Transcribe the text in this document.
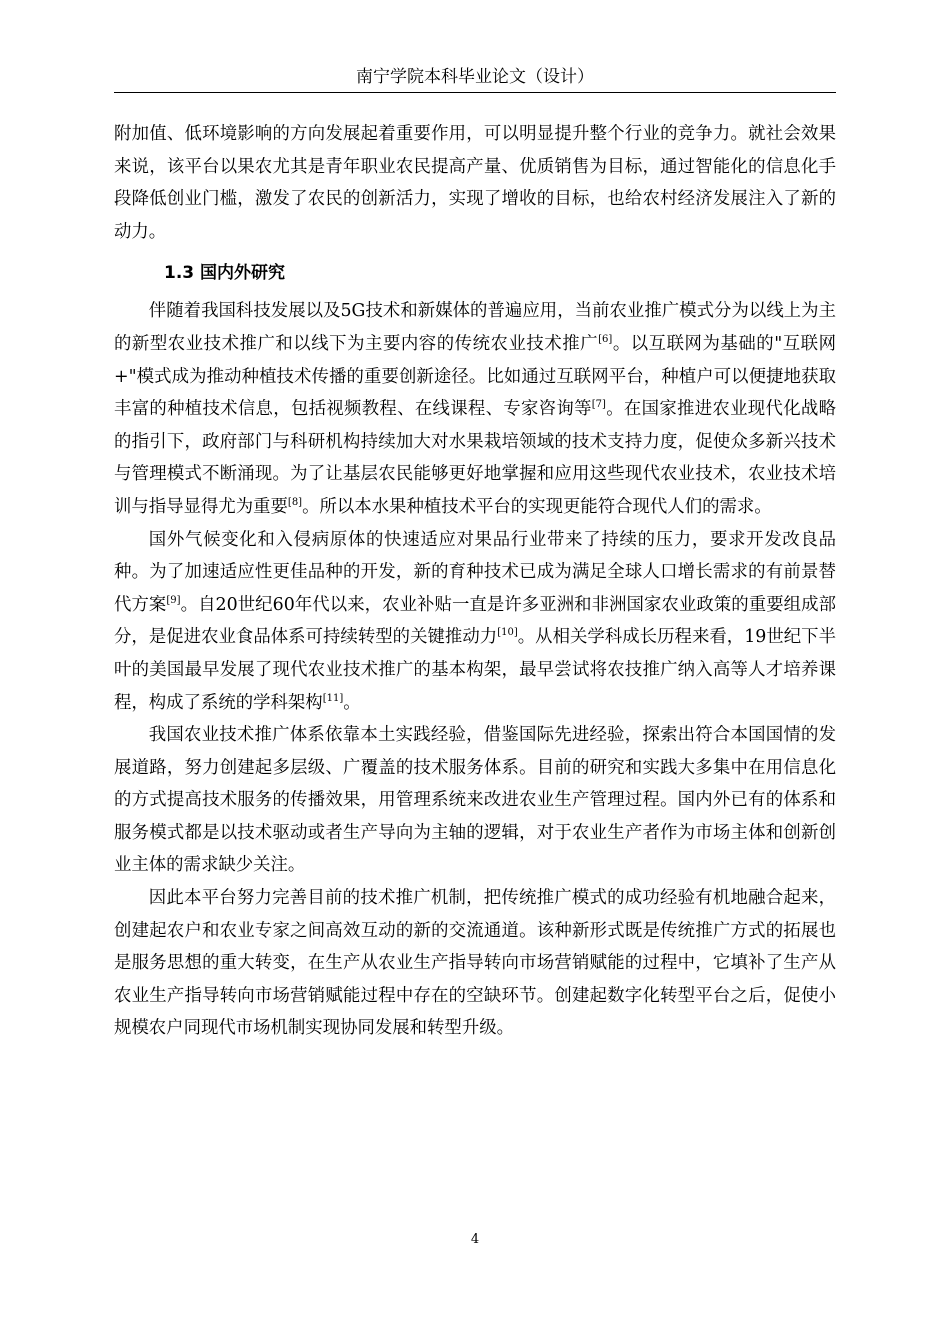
南宁学院本科毕业论文（设计）

附加值、低环境影响的方向发展起着重要作用，可以明显提升整个行业的竞争力。就社会效果来说，该平台以果农尤其是青年职业农民提高产量、优质销售为目标，通过智能化的信息化手段降低创业门槛，激发了农民的创新活力，实现了增收的目标，也给农村经济发展注入了新的动力。

1.3 国内外研究

伴随着我国科技发展以及5G技术和新媒体的普遍应用，当前农业推广模式分为以线上为主的新型农业技术推广和以线下为主要内容的传统农业技术推广[6]。以互联网为基础的"互联网+"模式成为推动种植技术传播的重要创新途径。比如通过互联网平台，种植户可以便捷地获取丰富的种植技术信息，包括视频教程、在线课程、专家咨询等[7]。在国家推进农业现代化战略的指引下，政府部门与科研机构持续加大对水果栽培领域的技术支持力度，促使众多新兴技术与管理模式不断涌现。为了让基层农民能够更好地掌握和应用这些现代农业技术，农业技术培训与指导显得尤为重要[8]。所以本水果种植技术平台的实现更能符合现代人们的需求。

国外气候变化和入侵病原体的快速适应对果品行业带来了持续的压力，要求开发改良品种。为了加速适应性更佳品种的开发，新的育种技术已成为满足全球人口增长需求的有前景替代方案[9]。自20世纪60年代以来，农业补贴一直是许多亚洲和非洲国家农业政策的重要组成部分，是促进农业食品体系可持续转型的关键推动力[10]。从相关学科成长历程来看，19世纪下半叶的美国最早发展了现代农业技术推广的基本构架，最早尝试将农技推广纳入高等人才培养课程，构成了系统的学科架构[11]。

我国农业技术推广体系依靠本土实践经验，借鉴国际先进经验，探索出符合本国国情的发展道路，努力创建起多层级、广覆盖的技术服务体系。目前的研究和实践大多集中在用信息化的方式提高技术服务的传播效果，用管理系统来改进农业生产管理过程。国内外已有的体系和服务模式都是以技术驱动或者生产导向为主轴的逻辑，对于农业生产者作为市场主体和创新创业主体的需求缺少关注。

因此本平台努力完善目前的技术推广机制，把传统推广模式的成功经验有机地融合起来，创建起农户和农业专家之间高效互动的新的交流通道。该种新形式既是传统推广方式的拓展也是服务思想的重大转变，在生产从农业生产指导转向市场营销赋能的过程中，它填补了生产从农业生产指导转向市场营销赋能过程中存在的空缺环节。创建起数字化转型平台之后，促使小规模农户同现代市场机制实现协同发展和转型升级。

4
